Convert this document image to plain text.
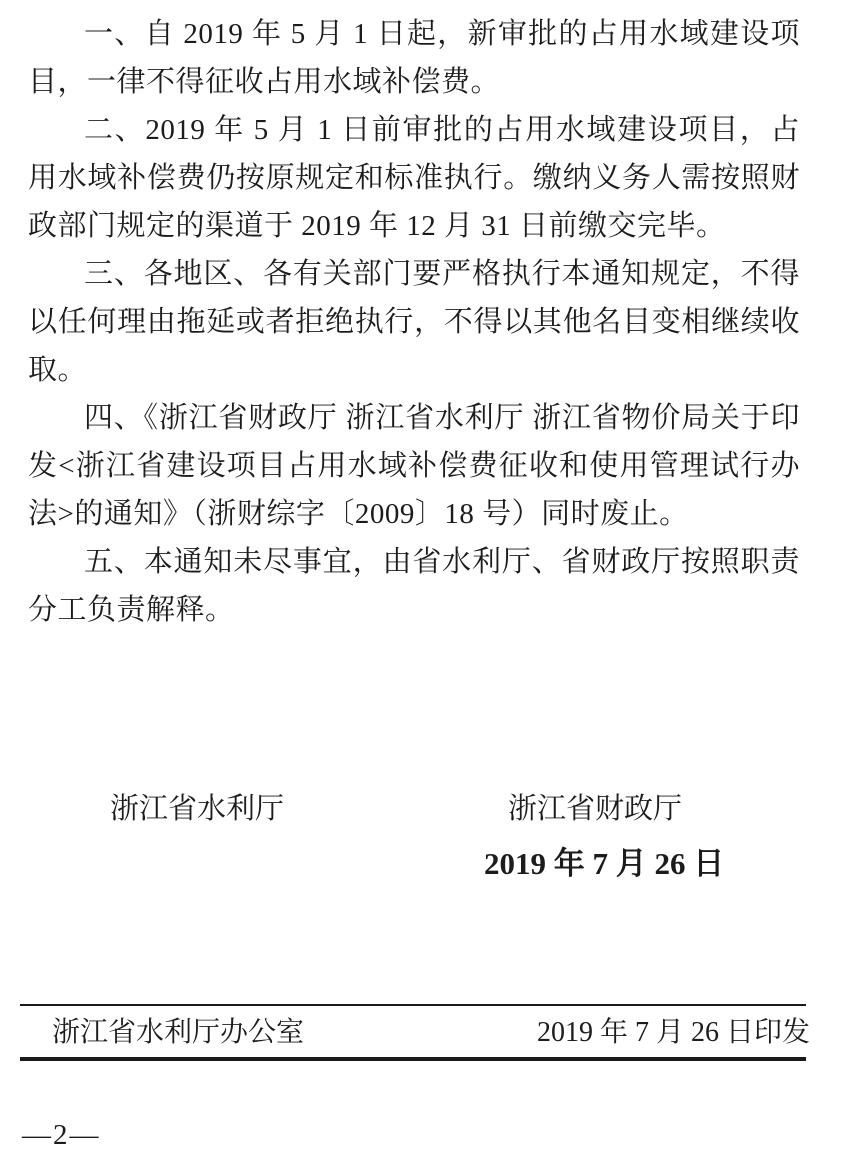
一、自 2019 年 5 月 1 日起，新审批的占用水域建设项目，一律不得征收占用水域补偿费。

二、2019 年 5 月 1 日前审批的占用水域建设项目，占用水域补偿费仍按原规定和标准执行。缴纳义务人需按照财政部门规定的渠道于 2019 年 12 月 31 日前缴交完毕。

三、各地区、各有关部门要严格执行本通知规定，不得以任何理由拖延或者拒绝执行，不得以其他名目变相继续收取。

四、《浙江省财政厅 浙江省水利厅 浙江省物价局关于印发<浙江省建设项目占用水域补偿费征收和使用管理试行办法>的通知》（浙财综字〔2009〕18 号）同时废止。

五、本通知未尽事宜，由省水利厅、省财政厅按照职责分工负责解释。

浙江省水利厅	浙江省财政厅
2019 年 7 月 26 日
浙江省水利厅办公室	2019 年 7 月 26 日印发
—2—
